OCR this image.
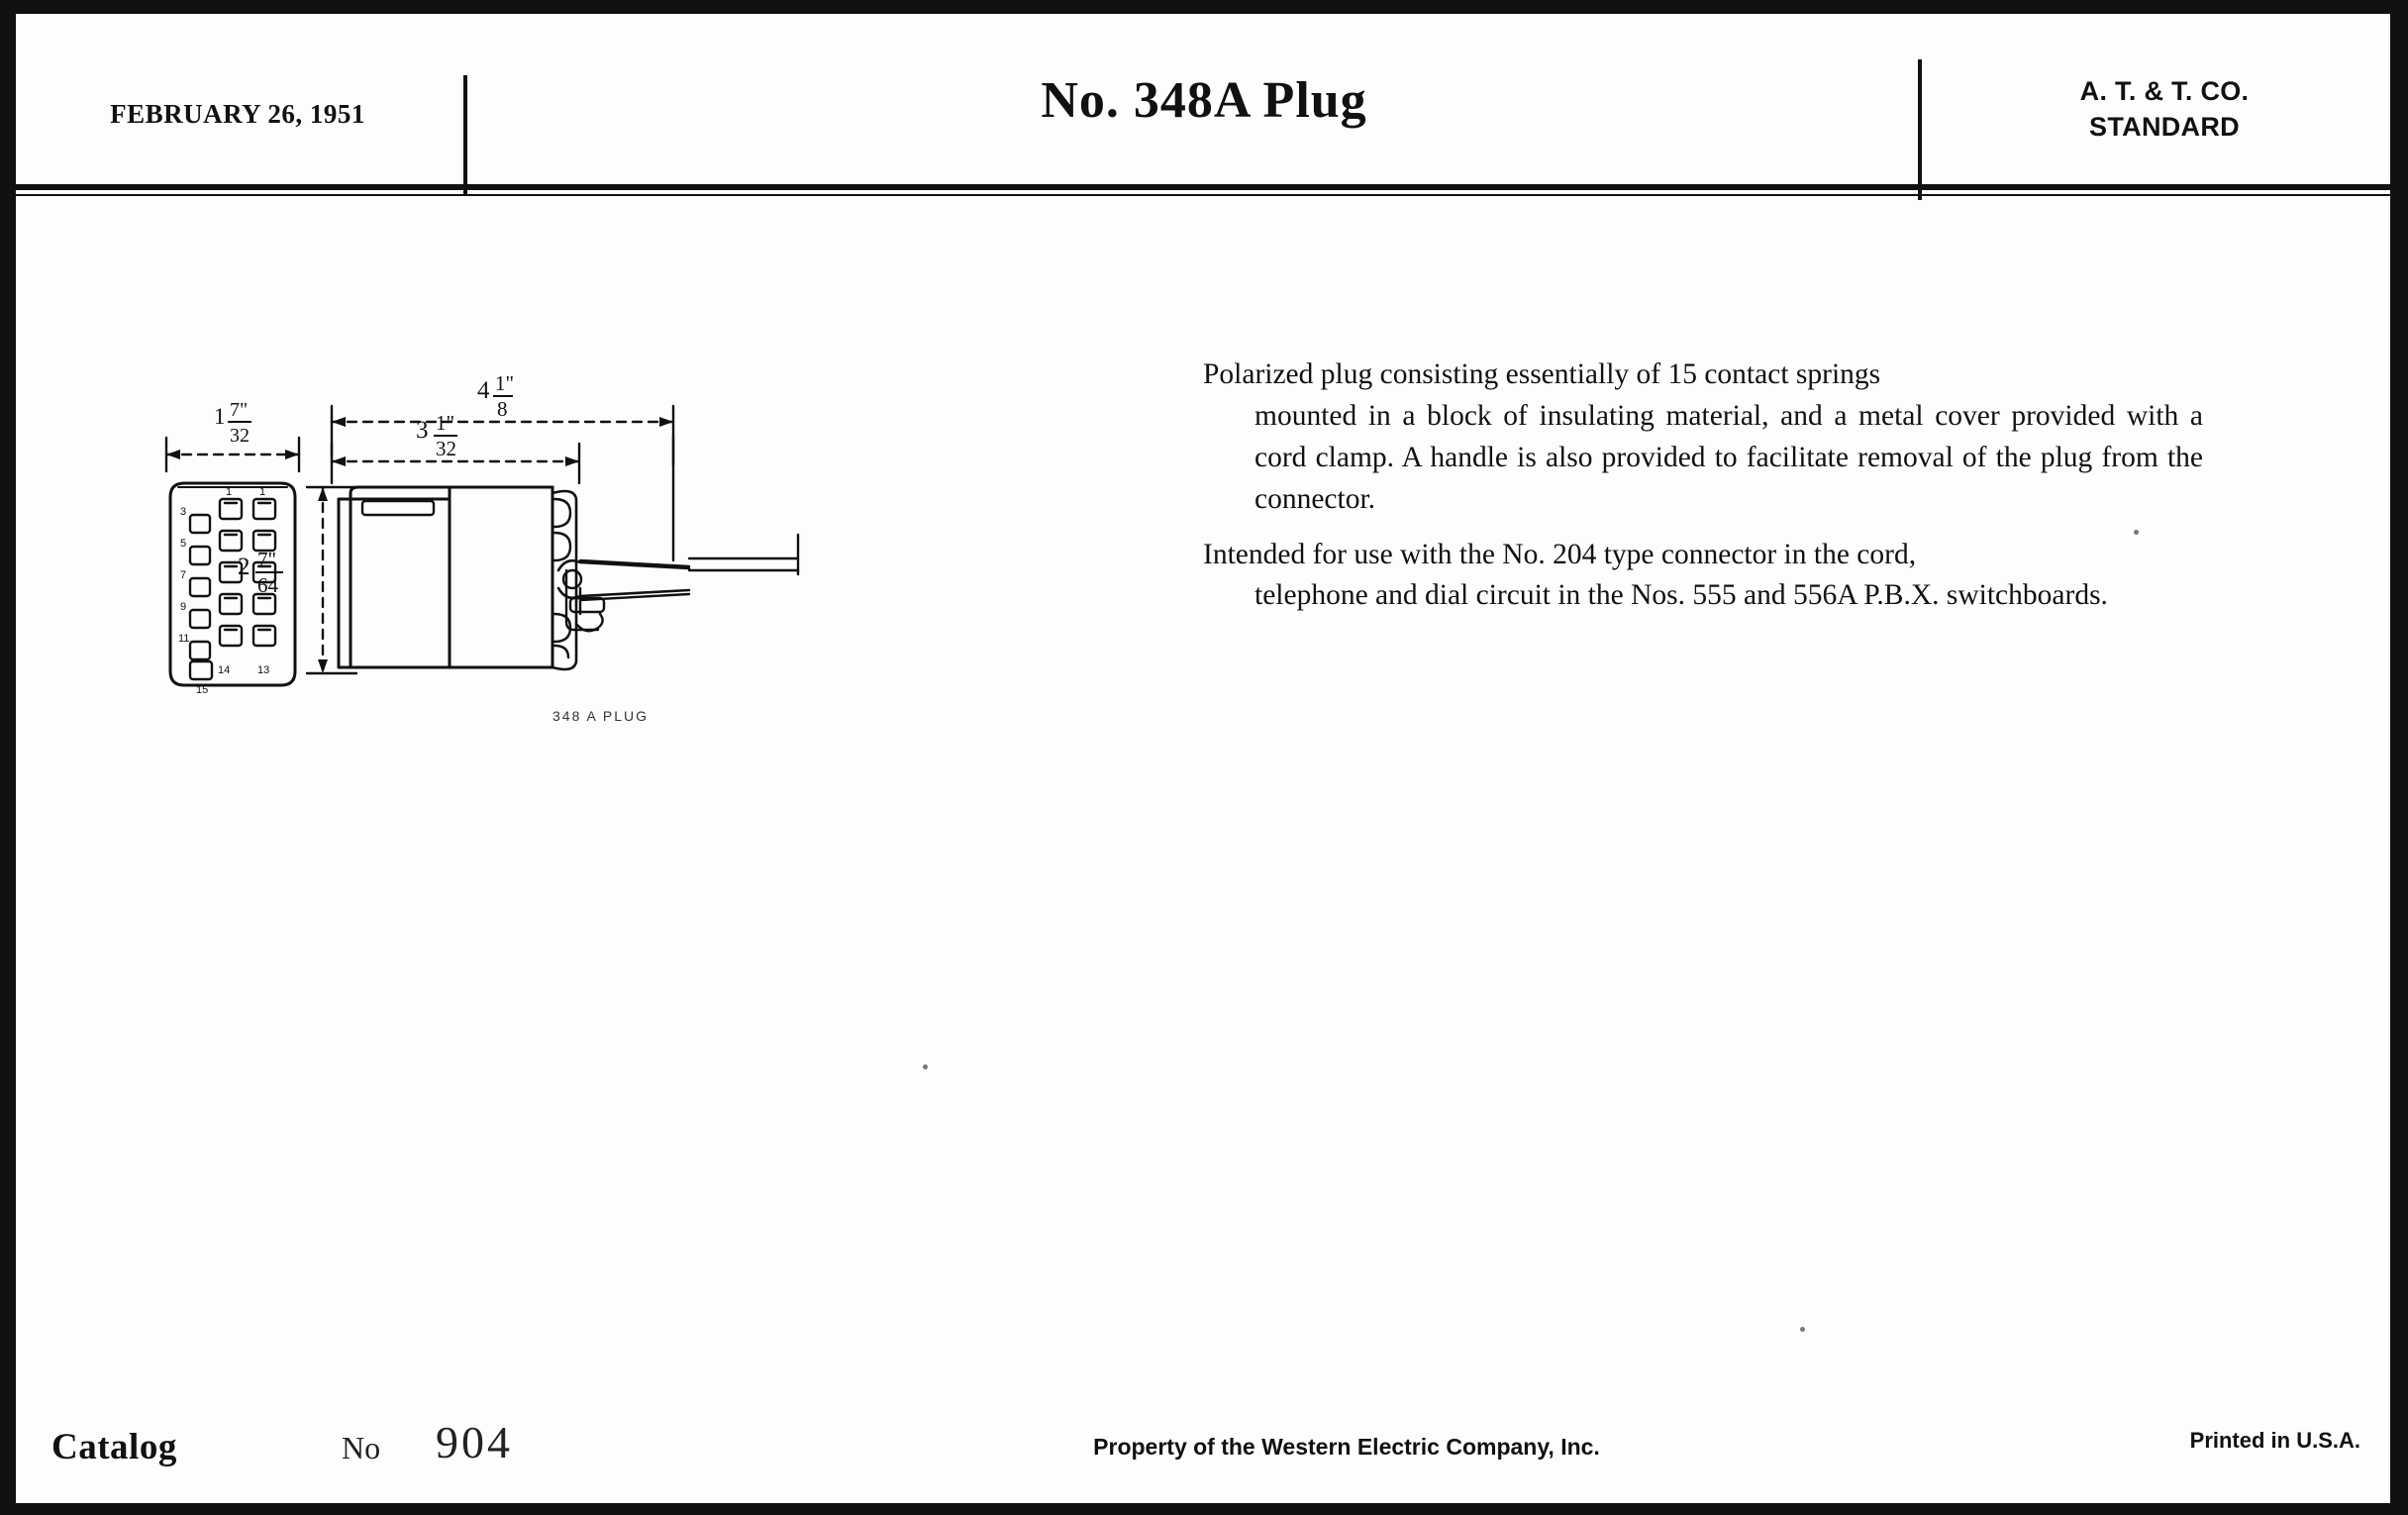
FEBRUARY 26, 1951	No. 348A Plug	A. T. & T. CO.
STANDARD
1 7"
32
4 1"
8
3 1"
32
2 7"
64
1	1
3
5
7
9
11
14	13
15
348 A PLUG

Polarized plug consisting essentially of 15 contact springs
mounted in a block of insulating material, and a metal cover provided with a cord clamp. A handle is also provided to facilitate removal of the plug from the connector.

Intended for use with the No. 204 type connector in the cord,
telephone and dial circuit in the Nos. 555 and 556A P.B.X. switchboards.

Catalog	No 904	Property of the Western Electric Company, Inc.	Printed in U.S.A.
